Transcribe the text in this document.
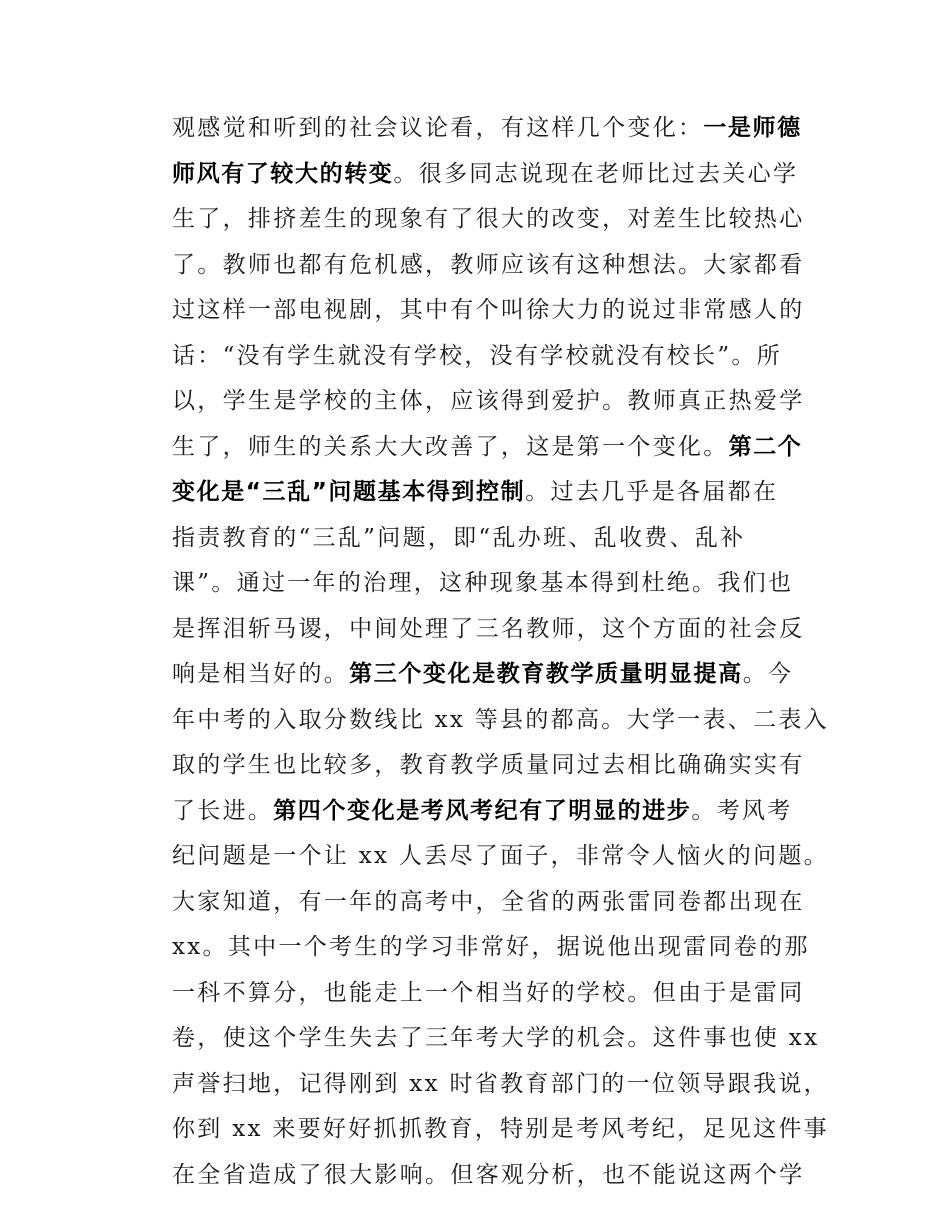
观感觉和听到的社会议论看，有这样几个变化：一是师德
师风有了较大的转变。很多同志说现在老师比过去关心学
生了，排挤差生的现象有了很大的改变，对差生比较热心
了。教师也都有危机感，教师应该有这种想法。大家都看
过这样一部电视剧，其中有个叫徐大力的说过非常感人的
话：“没有学生就没有学校，没有学校就没有校长”。所
以，学生是学校的主体，应该得到爱护。教师真正热爱学
生了，师生的关系大大改善了，这是第一个变化。第二个
变化是“三乱”问题基本得到控制。过去几乎是各届都在
指责教育的“三乱”问题，即“乱办班、乱收费、乱补
课”。通过一年的治理，这种现象基本得到杜绝。我们也
是挥泪斩马谡，中间处理了三名教师，这个方面的社会反
响是相当好的。第三个变化是教育教学质量明显提高。今
年中考的入取分数线比 xx 等县的都高。大学一表、二表入
取的学生也比较多，教育教学质量同过去相比确确实实有
了长进。第四个变化是考风考纪有了明显的进步。考风考
纪问题是一个让 xx 人丢尽了面子，非常令人恼火的问题。
大家知道，有一年的高考中，全省的两张雷同卷都出现在
xx。其中一个考生的学习非常好，据说他出现雷同卷的那
一科不算分，也能走上一个相当好的学校。但由于是雷同
卷，使这个学生失去了三年考大学的机会。这件事也使 xx
声誉扫地，记得刚到 xx 时省教育部门的一位领导跟我说，
你到 xx 来要好好抓抓教育，特别是考风考纪，足见这件事
在全省造成了很大影响。但客观分析，也不能说这两个学
